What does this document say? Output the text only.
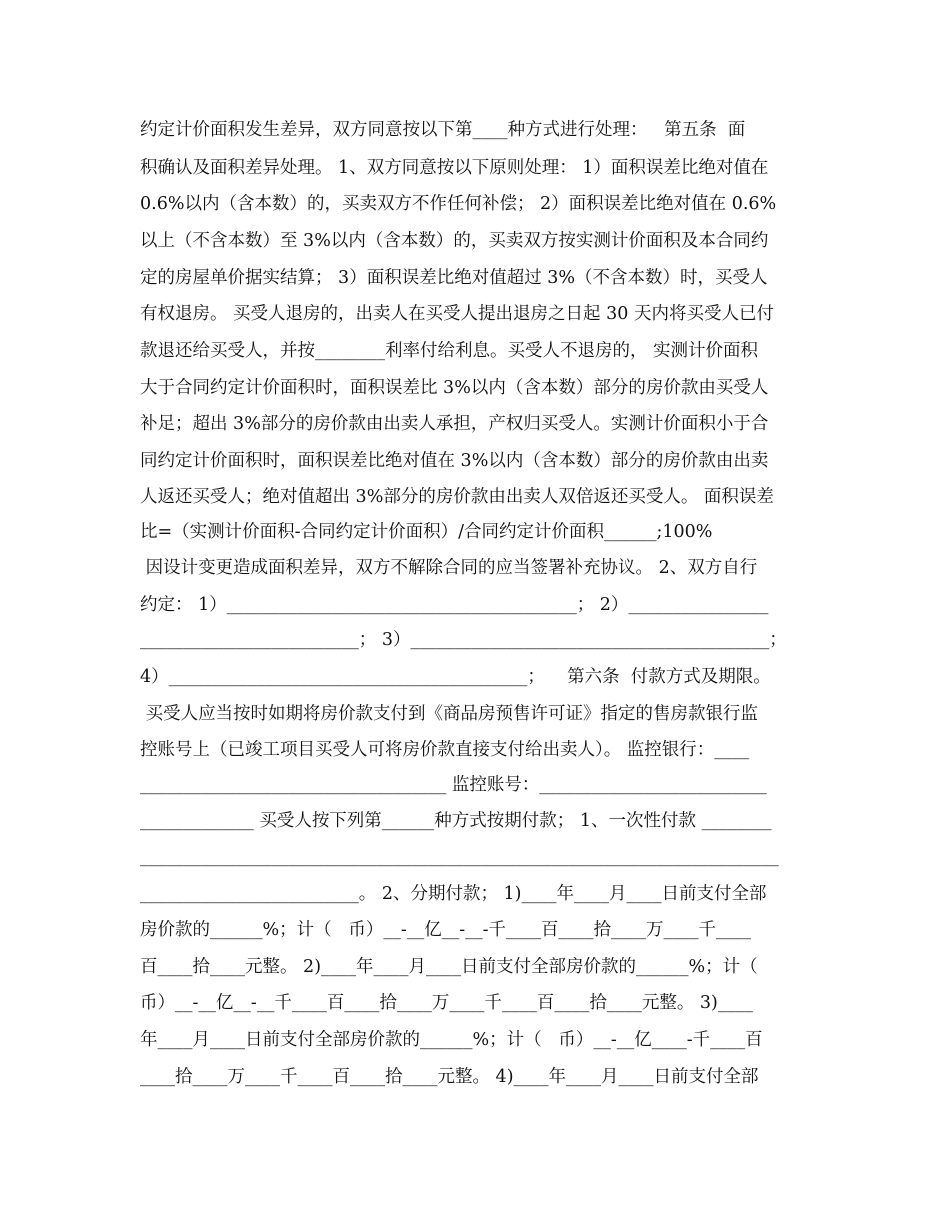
约定计价面积发生差异，双方同意按以下第____种方式进行处理：   第五条  面
积确认及面积差异处理。 1、双方同意按以下原则处理： 1）面积误差比绝对值在
0.6%以内（含本数）的，买卖双方不作任何补偿； 2）面积误差比绝对值在 0.6%
以上（不含本数）至 3%以内（含本数）的，买卖双方按实测计价面积及本合同约
定的房屋单价据实结算； 3）面积误差比绝对值超过 3%（不含本数）时，买受人
有权退房。 买受人退房的，出卖人在买受人提出退房之日起 30 天内将买受人已付
款退还给买受人，并按________利率付给利息。买受人不退房的， 实测计价面积
大于合同约定计价面积时，面积误差比 3%以内（含本数）部分的房价款由买受人
补足；超出 3%部分的房价款由出卖人承担，产权归买受人。实测计价面积小于合
同约定计价面积时，面积误差比绝对值在 3%以内（含本数）部分的房价款由出卖
人返还买受人；绝对值超出 3%部分的房价款由出卖人双倍返还买受人。 面积误差
比=（实测计价面积-合同约定计价面积）/合同约定计价面积______;100%
因设计变更造成面积差异，双方不解除合同的应当签署补充协议。 2、双方自行
约定： 1）________________________________________； 2）________________
_________________________； 3）_________________________________________；
4）_________________________________________；    第六条  付款方式及期限。
买受人应当按时如期将房价款支付到《商品房预售许可证》指定的售房款银行监
控账号上（已竣工项目买受人可将房价款直接支付给出卖人）。 监控银行：____
___________________________________ 监控账号：__________________________
_____________ 买受人按下列第______种方式按期付款； 1、一次性付款 ________
_________________________________________________________________________
_________________________。 2、分期付款； 1)____年____月____日前支付全部
房价款的______%；计（   币）__-__亿__-__-千____百____拾____万____千____
百____拾____元整。 2)____年____月____日前支付全部房价款的______%；计（
币）__-__亿__-__千____百____拾____万____千____百____拾____元整。 3)____
年____月____日前支付全部房价款的______%；计（   币）__-__亿____-千____百
____拾____万____千____百____拾____元整。 4)____年____月____日前支付全部
